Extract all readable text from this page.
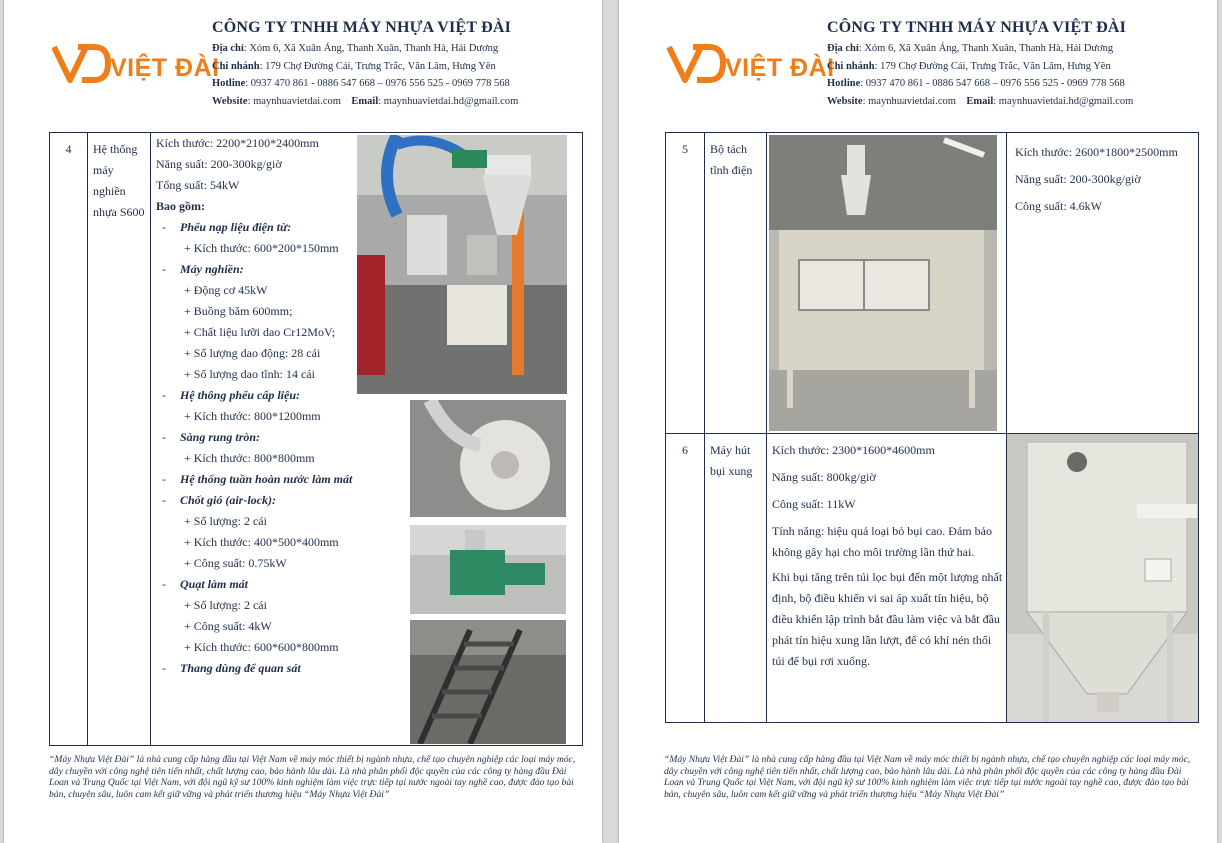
VIỆT ĐÀI
CÔNG TY TNHH MÁY NHỰA VIỆT ĐÀI
Địa chỉ: Xóm 6, Xã Xuân Áng, Thanh Xuân, Thanh Hà, Hải Dương
Chi nhánh: 179 Chợ Đường Cái, Trưng Trắc, Văn Lâm, Hưng Yên
Hotline: 0937 470 861 - 0886 547 668 – 0976 556 525 - 0969 778 568
Website: maynhuavietdai.com Email: maynhuavietdai.hd@gmail.com
4	Hệ thống máy nghiền nhựa S600	
Kích thước: 2200*2100*2400mm
Năng suất: 200-300kg/giờ
Tổng suất: 54kW
Bao gồm:
- Phểu nạp liệu điện từ:
+ Kích thước: 600*200*150mm
- Máy nghiền:
+ Động cơ 45kW
+ Buồng băm 600mm;
+ Chất liệu lưỡi dao Cr12MoV;
+ Số lượng dao động: 28 cái
+ Số lượng dao tĩnh: 14 cái
- Hệ thông phểu cấp liệu:
+ Kích thước: 800*1200mm
- Sàng rung tròn:
+ Kích thước: 800*800mm
- Hệ thống tuần hoàn nước làm mát
- Chốt gió (air-lock):
+ Số lượng: 2 cái
+ Kích thước: 400*500*400mm
+ Công suất: 0.75kW
- Quạt làm mát
+ Số lượng: 2 cái
+ Công suất: 4kW
+ Kích thước: 600*600*800mm
- Thang dùng để quan sát
“Máy Nhựa Việt Đài” là nhà cung cấp hàng đầu tại Việt Nam về máy móc thiết bị ngành nhựa, chế tạo chuyên nghiệp các loại máy móc, dây chuyền với công nghệ tiên tiến nhất, chất lượng cao, bảo hành lâu dài. Là nhà phân phối độc quyền của các công ty hàng đầu Đài Loan và Trung Quốc tại Việt Nam, với đội ngũ kỹ sư 100% kinh nghiệm làm việc trực tiếp tại nước ngoài tay nghề cao, được đào tạo bài bản, chuyên sâu, luôn cam kết giữ vững và phát triển thương hiệu “Máy Nhựa Việt Đài”
VIỆT ĐÀI
CÔNG TY TNHH MÁY NHỰA VIỆT ĐÀI
Địa chỉ: Xóm 6, Xã Xuân Áng, Thanh Xuân, Thanh Hà, Hải Dương
Chi nhánh: 179 Chợ Đường Cái, Trưng Trắc, Văn Lâm, Hưng Yên
Hotline: 0937 470 861 - 0886 547 668 – 0976 556 525 - 0969 778 568
Website: maynhuavietdai.com Email: maynhuavietdai.hd@gmail.com
5	Bộ tách tĩnh điện		Kích thước: 2600*1800*2500mm
Năng suất: 200-300kg/giờ
Công suất: 4.6kW

6	Máy hút bụi xung	Kích thước: 2300*1600*4600mm
Năng suất: 800kg/giờ
Công suất: 11kW
Tính năng: hiệu quả loại bỏ bụi cao. Đảm bảo không gây hại cho môi trường lần thứ hai.
Khi bụi tăng trên túi lọc bụi đến một lượng nhất định, bộ điều khiển vi sai áp xuất tín hiệu, bộ điều khiển lập trình bắt đầu làm việc và bắt đầu phát tín hiệu xung lần lượt, để có khí nén thổi túi để bụi rơi xuống.

“Máy Nhựa Việt Đài” là nhà cung cấp hàng đầu tại Việt Nam về máy móc thiết bị ngành nhựa, chế tạo chuyên nghiệp các loại máy móc, dây chuyền với công nghệ tiên tiến nhất, chất lượng cao, bảo hành lâu dài. Là nhà phân phối độc quyền của các công ty hàng đầu Đài Loan và Trung Quốc tại Việt Nam, với đội ngũ kỹ sư 100% kinh nghiệm làm việc trực tiếp tại nước ngoài tay nghề cao, được đào tạo bài bản, chuyên sâu, luôn cam kết giữ vững và phát triển thương hiệu “Máy Nhựa Việt Đài”
